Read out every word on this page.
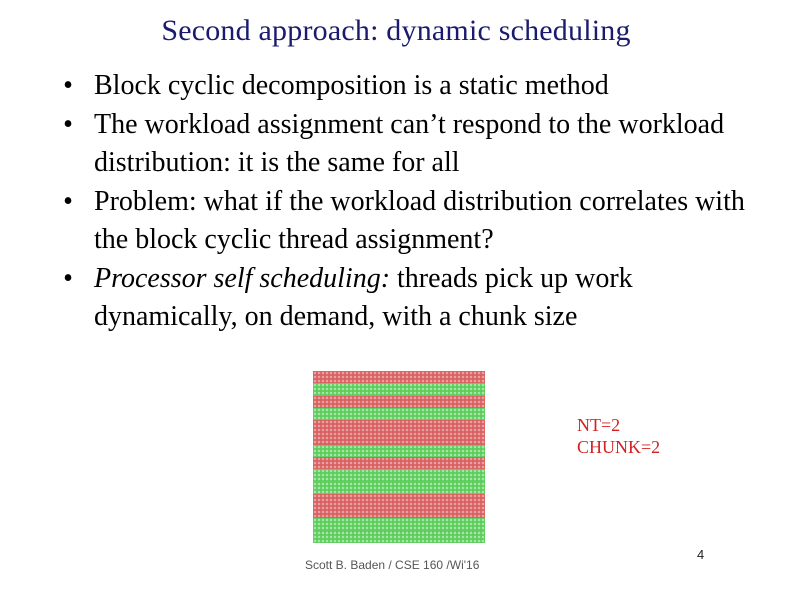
Second approach: dynamic scheduling
• Block cyclic decomposition is a static method
• The workload assignment can’t respond to the workload distribution: it is the same for all
• Problem: what if the workload distribution correlates with the block cyclic thread assignment?
• Processor self scheduling: threads pick up work dynamically, on demand, with a chunk size
NT=2
CHUNK=2
Scott B. Baden / CSE 160 /Wi'16
4
